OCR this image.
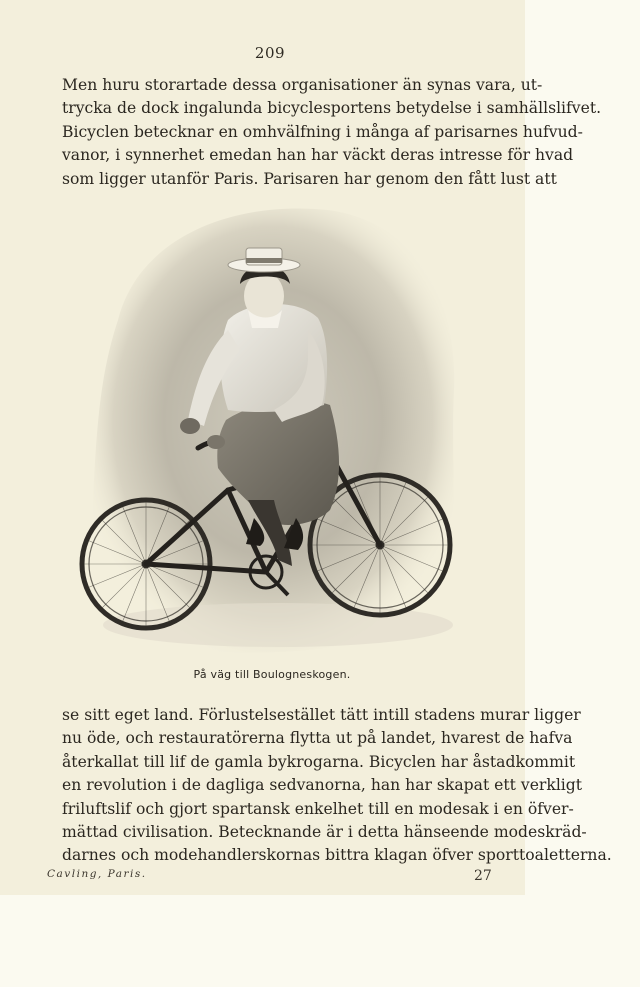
209

Men huru storartade dessa organisationer än synas vara, ut-
trycka de dock ingalunda bicyclesportens betydelse i samhällslifvet.
Bicyclen betecknar en omhvälfning i många af parisarnes hufvud-
vanor, i synnerhet emedan han har väckt deras intresse för hvad
som ligger utanför Paris. Parisaren har genom den fått lust att

På väg till Boulogneskogen.

se sitt eget land. Förlustelsestället tätt intill stadens murar ligger
nu öde, och restauratörerna flytta ut på landet, hvarest de hafva
återkallat till lif de gamla bykrogarna. Bicyclen har åstadkommit
en revolution i de dagliga sedvanorna, han har skapat ett verkligt
friluftslif och gjort spartansk enkelhet till en modesak i en öfver-
mättad civilisation. Betecknande är i detta hänseende modeskräd-
darnes och modehandlerskornas bittra klagan öfver sporttoaletterna.

Cavling, Paris.	27
